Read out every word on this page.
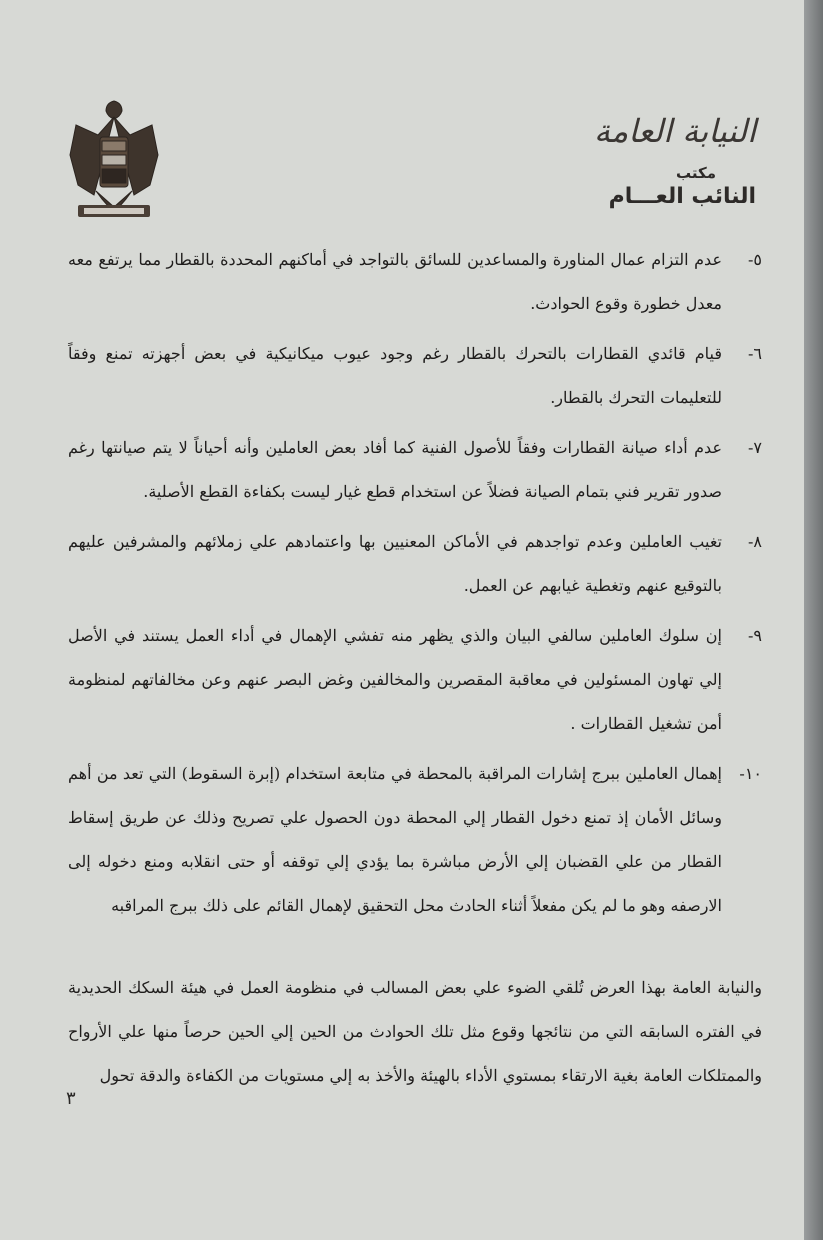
النيابة العامة
مكتب
النائب العـــام
٥-
عدم التزام عمال المناورة والمساعدين للسائق بالتواجد في أماكنهم المحددة بالقطار مما يرتفع معه معدل خطورة وقوع الحوادث.
٦-
قيام قائدي القطارات بالتحرك بالقطار رغم وجود عيوب ميكانيكية في بعض أجهزته تمنع وفقاً للتعليمات التحرك بالقطار.
٧-
عدم أداء صيانة القطارات وفقاً للأصول الفنية كما أفاد بعض العاملين وأنه أحياناً لا يتم صيانتها رغم صدور تقرير فني بتمام الصيانة فضلاً عن استخدام قطع غيار ليست بكفاءة القطع الأصلية.
٨-
تغيب العاملين وعدم تواجدهم في الأماكن المعنيين بها واعتمادهم علي زملائهم والمشرفين عليهم بالتوقيع عنهم وتغطية غيابهم عن العمل.
٩-
إن سلوك العاملين سالفي البيان والذي يظهر منه تفشي الإهمال في أداء العمل يستند في الأصل إلي تهاون المسئولين في معاقبة المقصرين والمخالفين وغض البصر عنهم وعن مخالفاتهم لمنظومة أمن تشغيل القطارات .
١٠-
إهمال العاملين ببرج إشارات المراقبة بالمحطة في متابعة استخدام (إبرة السقوط) التي تعد من أهم وسائل الأمان إذ تمنع دخول القطار إلي المحطة دون الحصول علي تصريح وذلك عن طريق إسقاط القطار من علي القضبان إلي الأرض مباشرة بما يؤدي إلي توقفه أو حتى انقلابه ومنع دخوله إلى الارصفه وهو ما لم يكن مفعلاً أثناء الحادث محل التحقيق لإهمال القائم على ذلك ببرج المراقبه
والنيابة العامة بهذا العرض تُلقي الضوء علي بعض المسالب في منظومة العمل في هيئة السكك الحديدية في الفتره السابقه التي من نتائجها وقوع مثل تلك الحوادث من الحين إلي الحين حرصاً منها علي الأرواح والممتلكات العامة بغية الارتقاء بمستوي الأداء بالهيئة والأخذ به إلي مستويات من الكفاءة والدقة تحول
٣
